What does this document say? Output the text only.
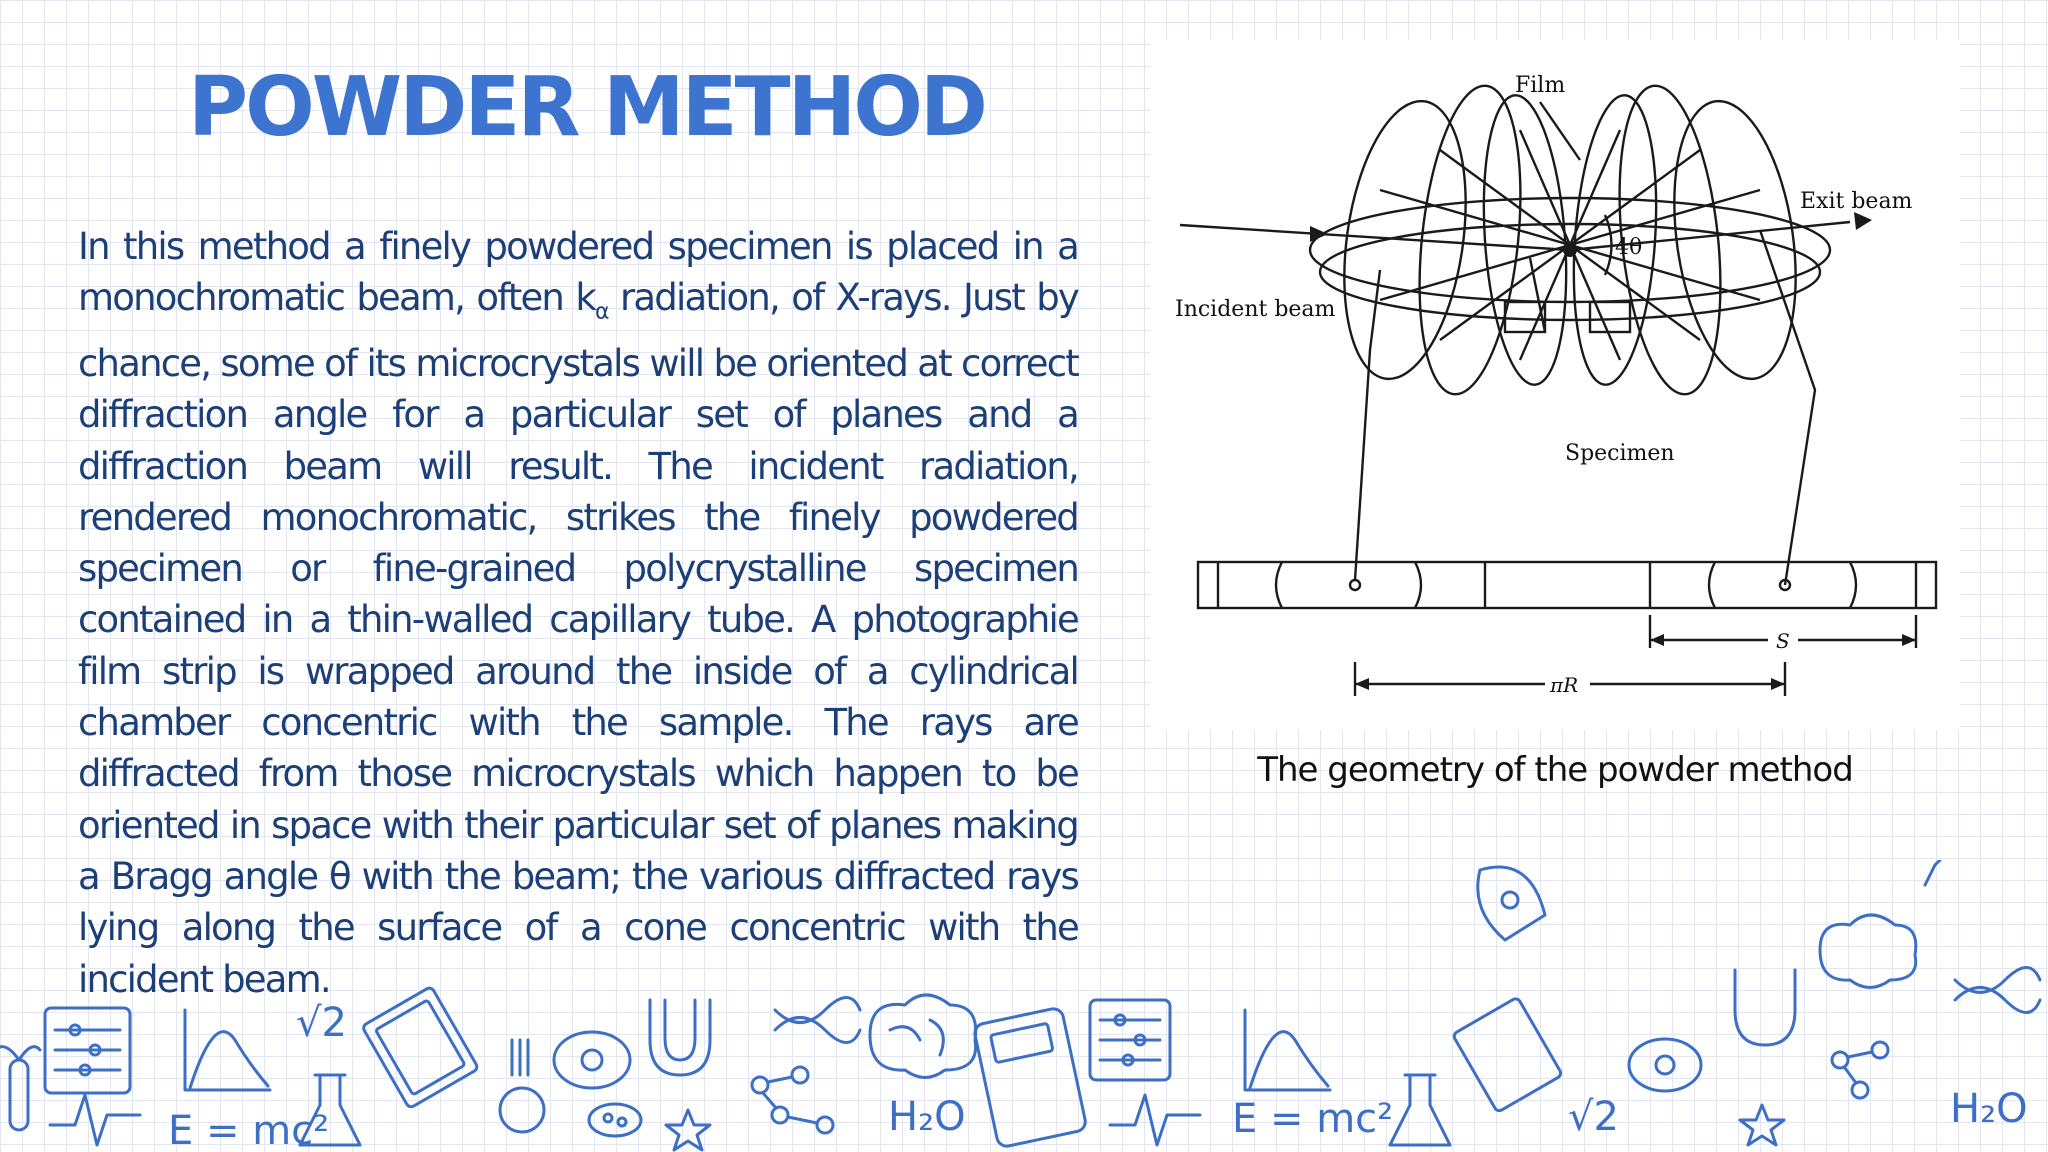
POWDER METHOD

In this method a finely powdered specimen is placed in a monochromatic beam, often $k_\alpha$ radiation, of X-rays. Just by chance, some of its microcrystals will be oriented at correct diffraction angle for a particular set of planes and a diffraction beam will result. The incident radiation, rendered monochromatic, strikes the finely powdered specimen or fine-grained polycrystalline specimen contained in a thin-walled capillary tube. A photographie film strip is wrapped around the inside of a cylindrical chamber concentric with the sample. The rays are diffracted from those microcrystals which happen to be oriented in space with their particular set of planes making a Bragg angle θ with the beam; the various diffracted rays lying along the surface of a cone concentric with the incident beam.

Film
Exit beam
Incident beam
4θ
Specimen
S
πR

The geometry of the powder method

E = mc²
√2
H₂O	E = mc²	√2	H₂O
